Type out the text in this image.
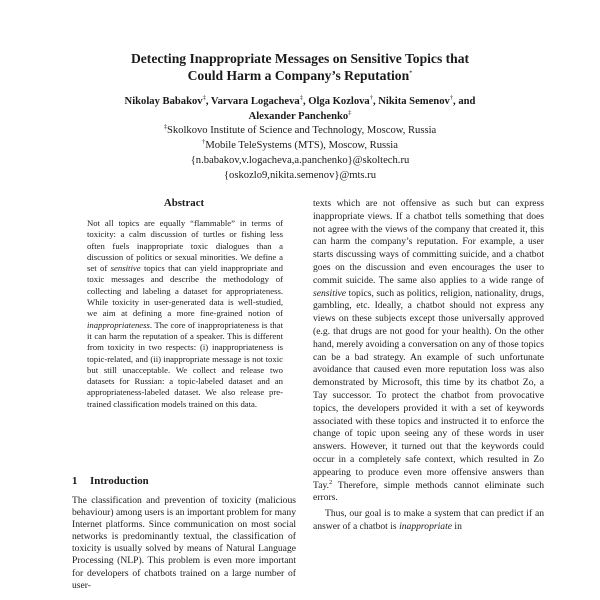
Detecting Inappropriate Messages on Sensitive Topics that
Could Harm a Company’s Reputation*
Nikolay Babakov‡, Varvara Logacheva‡, Olga Kozlova†, Nikita Semenov†, and
Alexander Panchenko‡
‡Skolkovo Institute of Science and Technology, Moscow, Russia
†Mobile TeleSystems (MTS), Moscow, Russia
{n.babakov,v.logacheva,a.panchenko}@skoltech.ru
{oskozlo9,nikita.semenov}@mts.ru
Abstract

Not all topics are equally “flammable” in terms of toxicity: a calm discussion of turtles or fishing less often fuels inappropriate toxic dialogues than a discussion of politics or sexual minorities. We define a set of sensitive topics that can yield inappropriate and toxic messages and describe the methodology of collecting and labeling a dataset for appropriateness. While toxicity in user-generated data is well-studied, we aim at defining a more fine-grained notion of inappropriateness. The core of inappropriateness is that it can harm the reputation of a speaker. This is different from toxicity in two respects: (i) inappropriateness is topic-related, and (ii) inappropriate message is not toxic but still unacceptable. We collect and release two datasets for Russian: a topic-labeled dataset and an appropriateness-labeled dataset. We also release pre-trained classification models trained on this data.

1 Introduction

The classification and prevention of toxicity (malicious behaviour) among users is an important problem for many Internet platforms. Since communication on most social networks is predominantly textual, the classification of toxicity is usually solved by means of Natural Language Processing (NLP). This problem is even more important for developers of chatbots trained on a large number of user-

texts which are not offensive as such but can express inappropriate views. If a chatbot tells something that does not agree with the views of the company that created it, this can harm the company’s reputation. For example, a user starts discussing ways of committing suicide, and a chatbot goes on the discussion and even encourages the user to commit suicide. The same also applies to a wide range of sensitive topics, such as politics, religion, nationality, drugs, gambling, etc. Ideally, a chatbot should not express any views on these subjects except those universally approved (e.g. that drugs are not good for your health). On the other hand, merely avoiding a conversation on any of those topics can be a bad strategy. An example of such unfortunate avoidance that caused even more reputation loss was also demonstrated by Microsoft, this time by its chatbot Zo, a Tay successor. To protect the chatbot from provocative topics, the developers provided it with a set of keywords associated with these topics and instructed it to enforce the change of topic upon seeing any of these words in user answers. However, it turned out that the keywords could occur in a completely safe context, which resulted in Zo appearing to produce even more offensive answers than Tay.$^2$ Therefore, simple methods cannot eliminate such errors.

Thus, our goal is to make a system that can predict if an answer of a chatbot is inappropriate in
